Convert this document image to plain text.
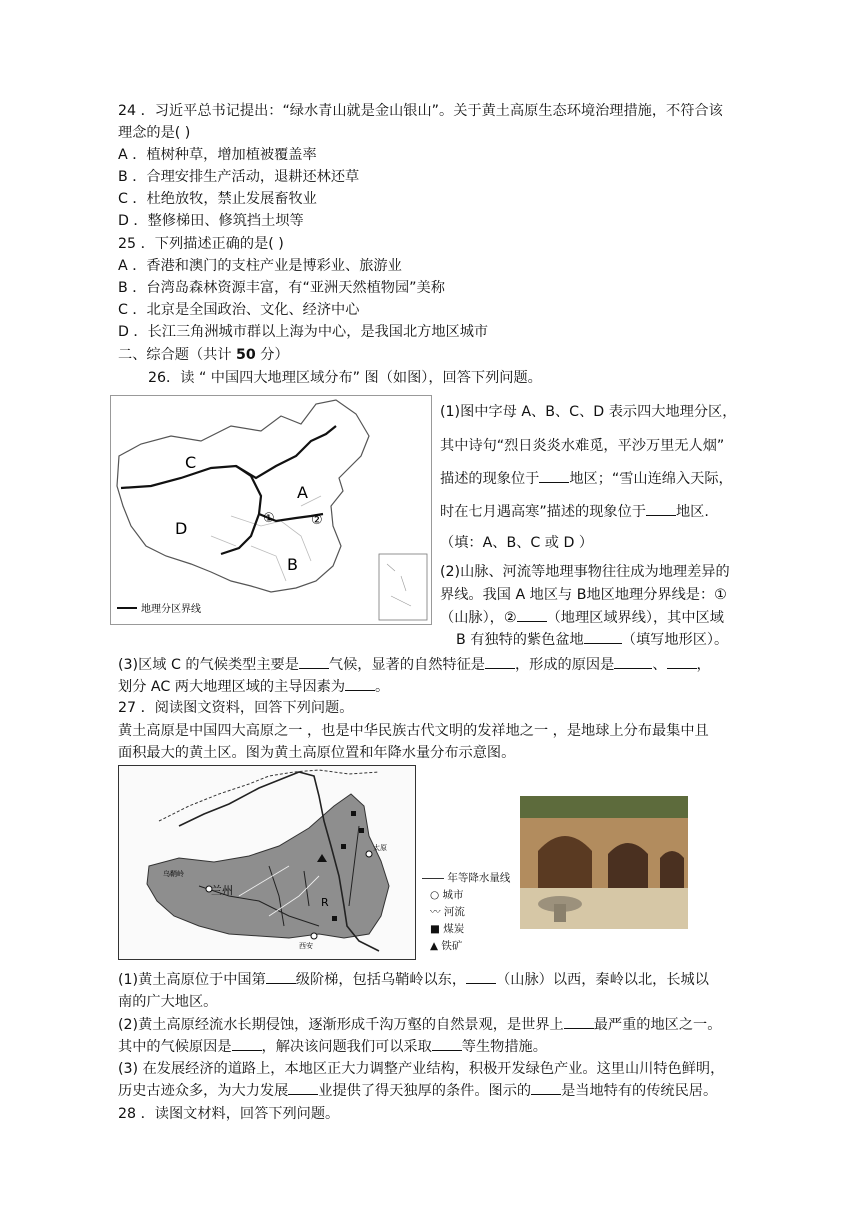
24 ．习近平总书记提出：“绿水青山就是金山银山”。关于黄土高原生态环境治理措施，不符合该
理念的是( )
A ．植树种草，增加植被覆盖率
B ．合理安排生产活动，退耕还林还草
C ．杜绝放牧，禁止发展畜牧业
D ．整修梯田、修筑挡土坝等
25 ．下列描述正确的是( )
A ．香港和澳门的支柱产业是博彩业、旅游业
B ．台湾岛森林资源丰富，有“亚洲天然植物园”美称
C ．北京是全国政治、文化、经济中心
D ．长江三角洲城市群以上海为中心，是我国北方地区城市
二、综合题（共计 50 分）
26．读 “ 中国四大地理区域分布” 图（如图），回答下列问题。
A
B
C
D
①	②
地理分区界线
(1)图中字母 A、B、C、D 表示四大地理分区，
其中诗句“烈日炎炎水难觅，平沙万里无人烟”
描述的现象位于 地区；“雪山连绵入天际，
时在七月遇高寒”描述的现象位于 地区.
（填：A、B、C 或 D ）
(2)山脉、河流等地理事物往往成为地理差异的
界线。我国 A 地区与 B地区地理分界线是：①
（山脉），② （地理区域界线），其中区域
B 有独特的紫色盆地	（填写地形区）。
(3)区域 C 的气候类型主要是 气候，显著的自然特征是 ，形成的原因是	、 ，
划分 AC 两大地理区域的主导因素为 。
27 ．阅读图文资料，回答下列问题。
黄土高原是中国四大高原之一 ，也是中华民族古代文明的发祥地之一 ，是地球上分布最集中且
面积最大的黄土区。图为黄土高原位置和年降水量分布示意图。
兰州
乌鞘岭
R
西安
太原
年等降水量线
○ 城市
〰 河流
■ 煤炭
▲ 铁矿
(1)黄土高原位于中国第 级阶梯，包括乌鞘岭以东， （山脉）以西，秦岭以北，长城以
南的广大地区。
(2)黄土高原经流水长期侵蚀，逐渐形成千沟万壑的自然景观，是世界上 最严重的地区之一。
其中的气候原因是 ，解决该问题我们可以采取 等生物措施。
(3) 在发展经济的道路上，本地区正大力调整产业结构，积极开发绿色产业。这里山川特色鲜明，
历史古迹众多，为大力发展 业提供了得天独厚的条件。图示的 是当地特有的传统民居。
28 ．读图文材料，回答下列问题。
